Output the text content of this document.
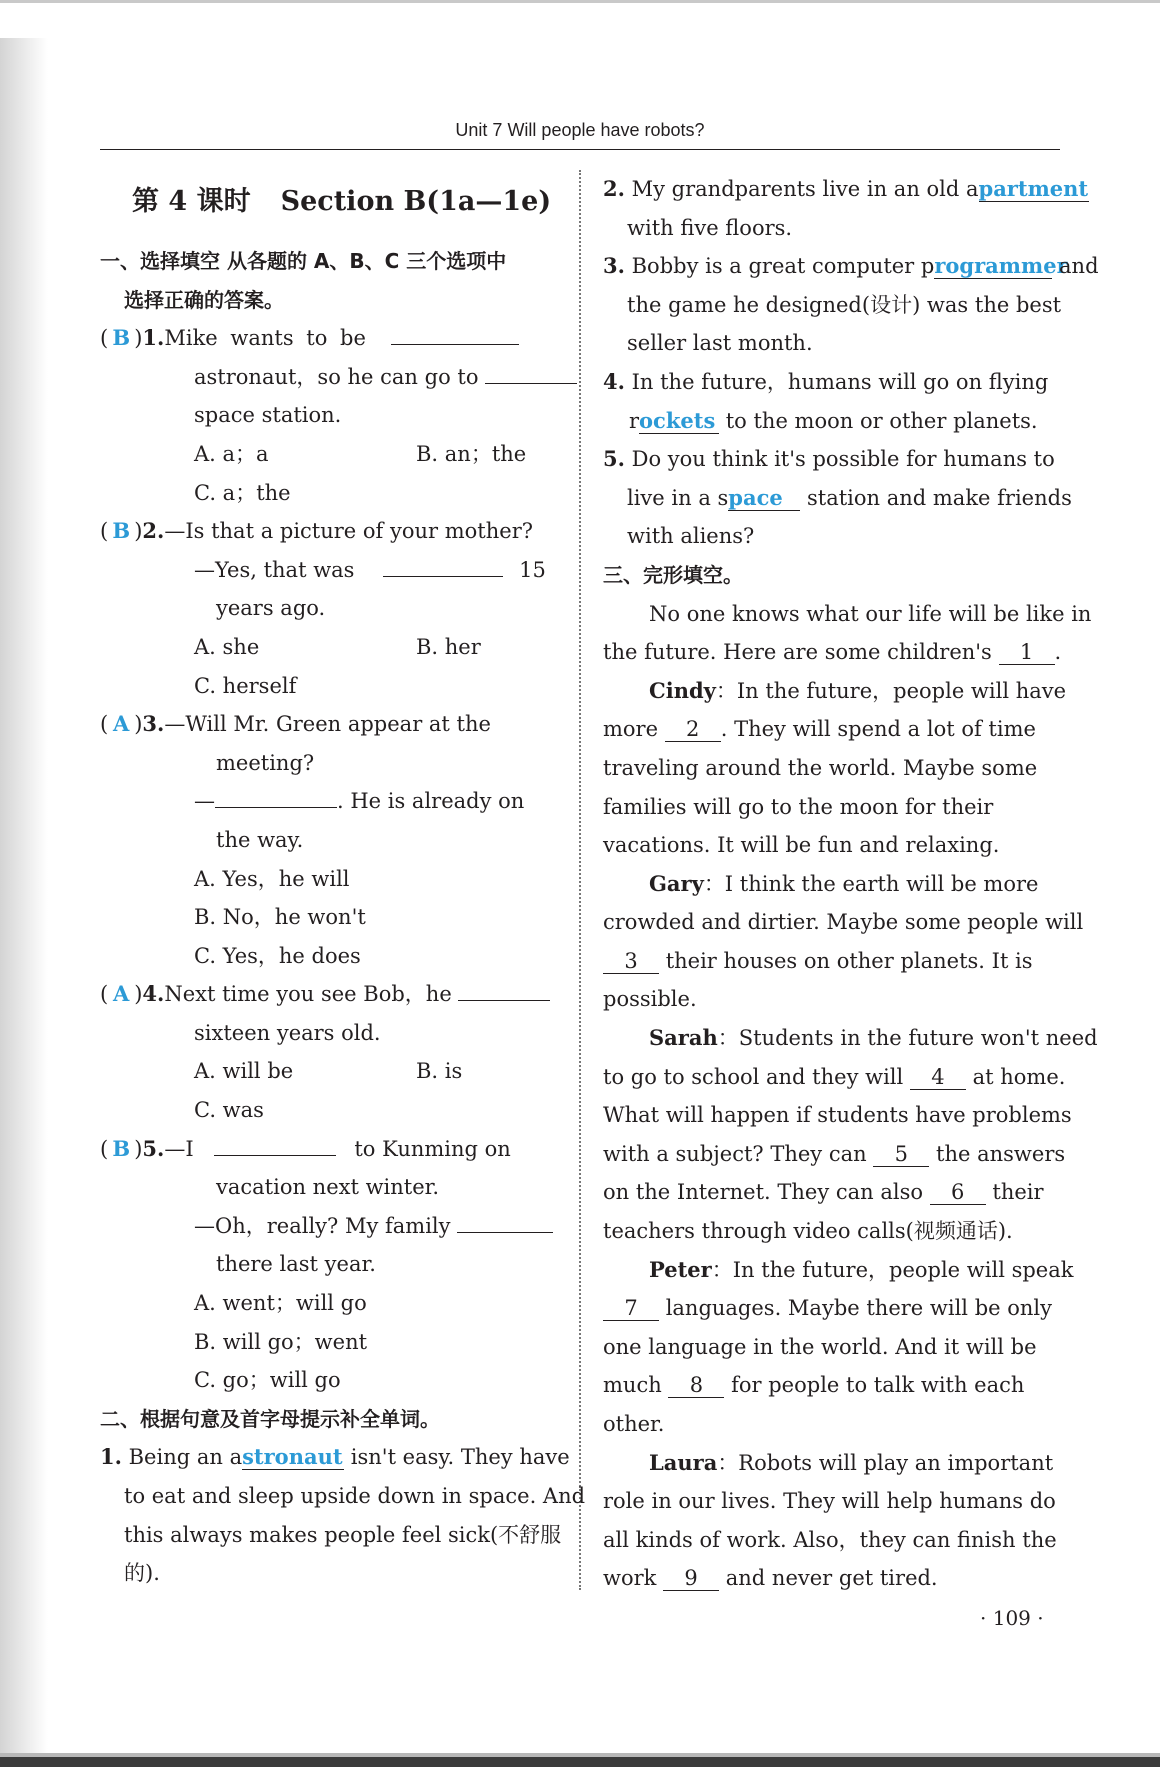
Unit 7 Will people have robots?
第 4 课时 Section B(1a—1e)
一、选择填空 从各题的 A、B、C 三个选项中
选择正确的答案。
( B )1.Mike wants to be
astronaut，so he can go to
space station.
A. a；a	B. an；the
C. a；the
( B )2.—Is that a picture of your mother?
—Yes, that was	15
years ago.
A. she	B. her
C. herself
( A )3.—Will Mr. Green appear at the
meeting?
—	. He is already on
the way.
A. Yes，he will
B. No，he won't
C. Yes，he does
( A )4.Next time you see Bob，he
sixteen years old.
A. will be	B. is
C. was
( B )5.—I	to Kunming on
vacation next winter.
—Oh，really? My family
there last year.
A. went；will go
B. will go；went
C. go；will go
二、根据句意及首字母提示补全单词。
1. Being an astronaut isn't easy. They have
to eat and sleep upside down in space. And
this always makes people feel sick(不舒服
的).
2. My grandparents live in an old apartment
with five floors.
3. Bobby is a great computer programmer and
the game he designed(设计) was the best
seller last month.
4. In the future，humans will go on flying
rockets to the moon or other planets.
5. Do you think it's possible for humans to
live in a space station and make friends
with aliens?
三、完形填空。
No one knows what our life will be like in
the future. Here are some children's 1 .
Cindy：In the future，people will have
more 2 . They will spend a lot of time
traveling around the world. Maybe some
families will go to the moon for their
vacations. It will be fun and relaxing.
Gary：I think the earth will be more
crowded and dirtier. Maybe some people will
3 their houses on other planets. It is
possible.
Sarah：Students in the future won't need
to go to school and they will 4 at home.
What will happen if students have problems
with a subject? They can 5 the answers
on the Internet. They can also 6 their
teachers through video calls(视频通话).
Peter：In the future，people will speak
7 languages. Maybe there will be only
one language in the world. And it will be
much 8 for people to talk with each
other.
Laura：Robots will play an important
role in our lives. They will help humans do
all kinds of work. Also，they can finish the
work 9 and never get tired.
· 109 ·
